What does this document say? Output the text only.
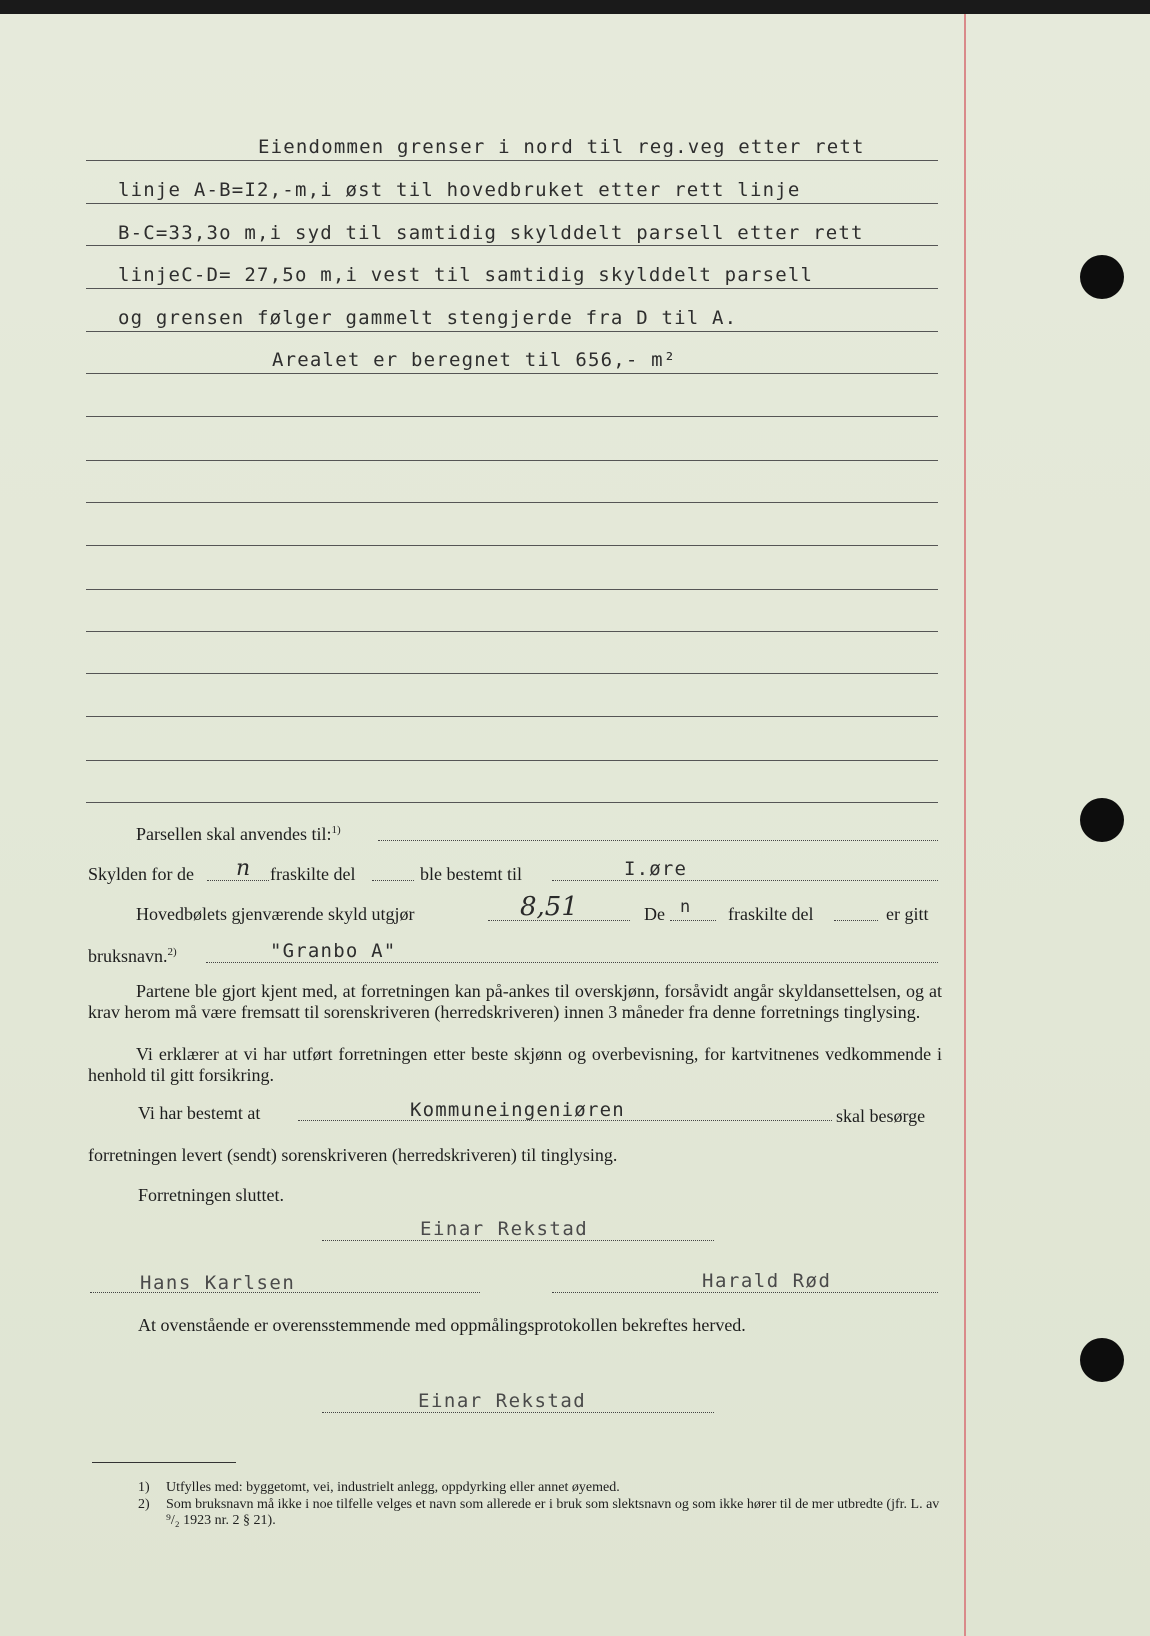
Eiendommen grenser i nord til reg.veg etter rett
linje A-B=I2,-m,i øst til hovedbruket etter rett linje
B-C=33,3o m,i syd til samtidig skylddelt parsell etter rett
linjeC-D= 27,5o m,i vest til samtidig skylddelt parsell
og grensen følger gammelt stengjerde fra D til A.
Arealet er beregnet til 656,- m²
Parsellen skal anvendes til:$^{1)}$
Skylden for de n fraskilte del	ble bestemt til	I.øre
Hovedbølets gjenværende skyld utgjør	8,51	De n fraskilte del	er gitt
bruksnavn.$^{2)}$	"Granbo A"
Partene ble gjort kjent med, at forretningen kan på-ankes til overskjønn, forsåvidt angår skyldansettelsen, og at krav herom må være fremsatt til sorenskriveren (herredskriveren) innen 3 måneder fra denne forretnings tinglysing.
Vi erklærer at vi har utført forretningen etter beste skjønn og overbevisning, for kartvitnenes vedkommende i henhold til gitt forsikring.
Vi har bestemt at	Kommuneingeniøren	skal besørge
forretningen levert (sendt) sorenskriveren (herredskriveren) til tinglysing.
Forretningen sluttet.
Einar Rekstad
Hans Karlsen	Harald Rød
At ovenstående er overensstemmende med oppmålingsprotokollen bekreftes herved.
Einar Rekstad
1)	Utfylles med: byggetomt, vei, industrielt anlegg, oppdyrking eller annet øyemed.
2)	Som bruksnavn må ikke i noe tilfelle velges et navn som allerede er i bruk som slektsnavn og som ikke hører til de mer utbredte (jfr. L. av ⁹/₂ 1923 nr. 2 § 21).
